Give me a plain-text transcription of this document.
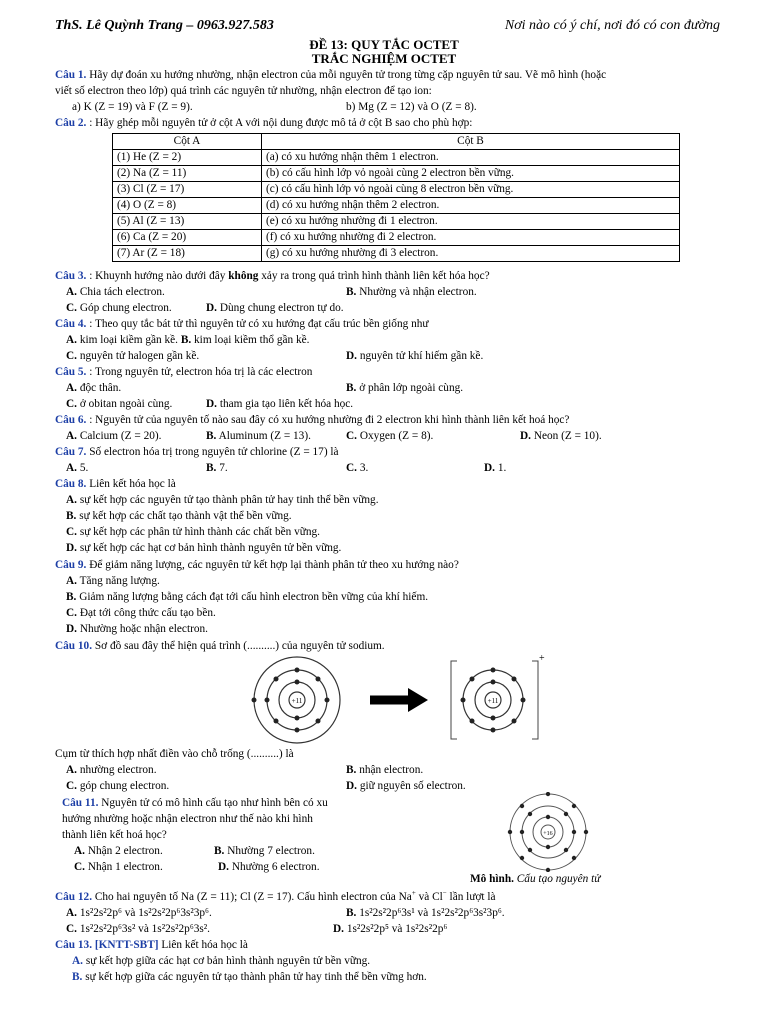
ThS. Lê Quỳnh Trang – 0963.927.583	Nơi nào có ý chí, nơi đó có con đường
ĐỀ 13: QUY TẮC OCTET
TRẮC NGHIỆM OCTET
Câu 1. Hãy dự đoán xu hướng nhường, nhận electron của mỗi nguyên tử trong từng cặp nguyên tử sau. Vẽ mô hình (hoặc
viết số electron theo lớp) quá trình các nguyên tử nhường, nhận electron để tạo ion:
a) K (Z = 19) và F (Z = 9).	b) Mg (Z = 12) và O (Z = 8).
Câu 2. : Hãy ghép mỗi nguyên tử ở cột A với nội dung được mô tả ở cột B sao cho phù hợp:
Cột A	Cột B
(1) He (Z = 2)	(a) có xu hướng nhận thêm 1 electron.
(2) Na (Z = 11)	(b) có cấu hình lớp vỏ ngoài cùng 2 electron bền vững.
(3) Cl (Z = 17)	(c) có cấu hình lớp vỏ ngoài cùng 8 electron bền vững.
(4) O (Z = 8)	(d) có xu hướng nhận thêm 2 electron.
(5) Al (Z = 13)	(e) có xu hướng nhường đi 1 electron.
(6) Ca (Z = 20)	(f) có xu hướng nhường đi 2 electron.
(7) Ar (Z = 18)	(g) có xu hướng nhường đi 3 electron.
Câu 3. : Khuynh hướng nào dưới đây không xảy ra trong quá trình hình thành liên kết hóa học?
A. Chia tách electron.	B. Nhường và nhận electron.
C. Góp chung electron.	D. Dùng chung electron tự do.
Câu 4. : Theo quy tắc bát tử thì nguyên tử có xu hướng đạt cấu trúc bền giống như
A. kim loại kiềm gần kề. B. kim loại kiềm thổ gần kề.
C. nguyên tử halogen gần kề.	D. nguyên tử khí hiếm gần kề.
Câu 5. : Trong nguyên tử, electron hóa trị là các electron
A. độc thân.	B. ở phân lớp ngoài cùng.
C. ở obitan ngoài cùng.	D. tham gia tạo liên kết hóa học.
Câu 6. : Nguyên tử của nguyên tố nào sau đây có xu hướng nhường đi 2 electron khi hình thành liên kết hoá học?
A. Calcium (Z = 20).	B. Aluminum (Z = 13).	C. Oxygen (Z = 8).	D. Neon (Z = 10).
Câu 7. Số electron hóa trị trong nguyên tử chlorine (Z = 17) là
A. 5.	B. 7.	C. 3.	D. 1.
Câu 8. Liên kết hóa học là
A. sự kết hợp các nguyên tử tạo thành phân tử hay tinh thể bền vững.
B. sự kết hợp các chất tạo thành vật thể bền vững.
C. sự kết hợp các phân tử hình thành các chất bền vững.
D. sự kết hợp các hạt cơ bản hình thành nguyên tử bền vững.
Câu 9. Để giảm năng lượng, các nguyên tử kết hợp lại thành phân tử theo xu hướng nào?
A. Tăng năng lượng.
B. Giảm năng lượng bằng cách đạt tới cấu hình electron bền vững của khí hiếm.
C. Đạt tới công thức cấu tạo bền.
D. Nhường hoặc nhận electron.
Câu 10. Sơ đồ sau đây thể hiện quá trình (..........) của nguyên tử sodium.
+11	+11
+
Cụm từ thích hợp nhất điền vào chỗ trống (..........) là
A. nhường electron.	B. nhận electron.
C. góp chung electron.	D. giữ nguyên số electron.
Câu 11. Nguyên tử có mô hình cấu tạo như hình bên có xu
hướng nhường hoặc nhận electron như thế nào khi hình
thành liên kết hoá học?
A. Nhận 2 electron.	B. Nhường 7 electron.
C. Nhận 1 electron.	D. Nhường 6 electron.
+16
Mô hình. Cấu tạo nguyên tử
Câu 12. Cho hai nguyên tố Na (Z = 11); Cl (Z = 17). Cấu hình electron của Na+ và Cl− lần lượt là
A. 1s²2s²2p⁶ và 1s²2s²2p⁶3s²3p⁶.	B. 1s²2s²2p⁶3s¹ và 1s²2s²2p⁶3s²3p⁶.
C. 1s²2s²2p⁶3s² và 1s²2s²2p⁶3s².	D. 1s²2s²2p⁵ và 1s²2s²2p⁶
Câu 13. [KNTT-SBT] Liên kết hóa học là
A. sự kết hợp giữa các hạt cơ bản hình thành nguyên tử bền vững.
B. sự kết hợp giữa các nguyên tử tạo thành phân tử hay tinh thể bền vững hơn.
